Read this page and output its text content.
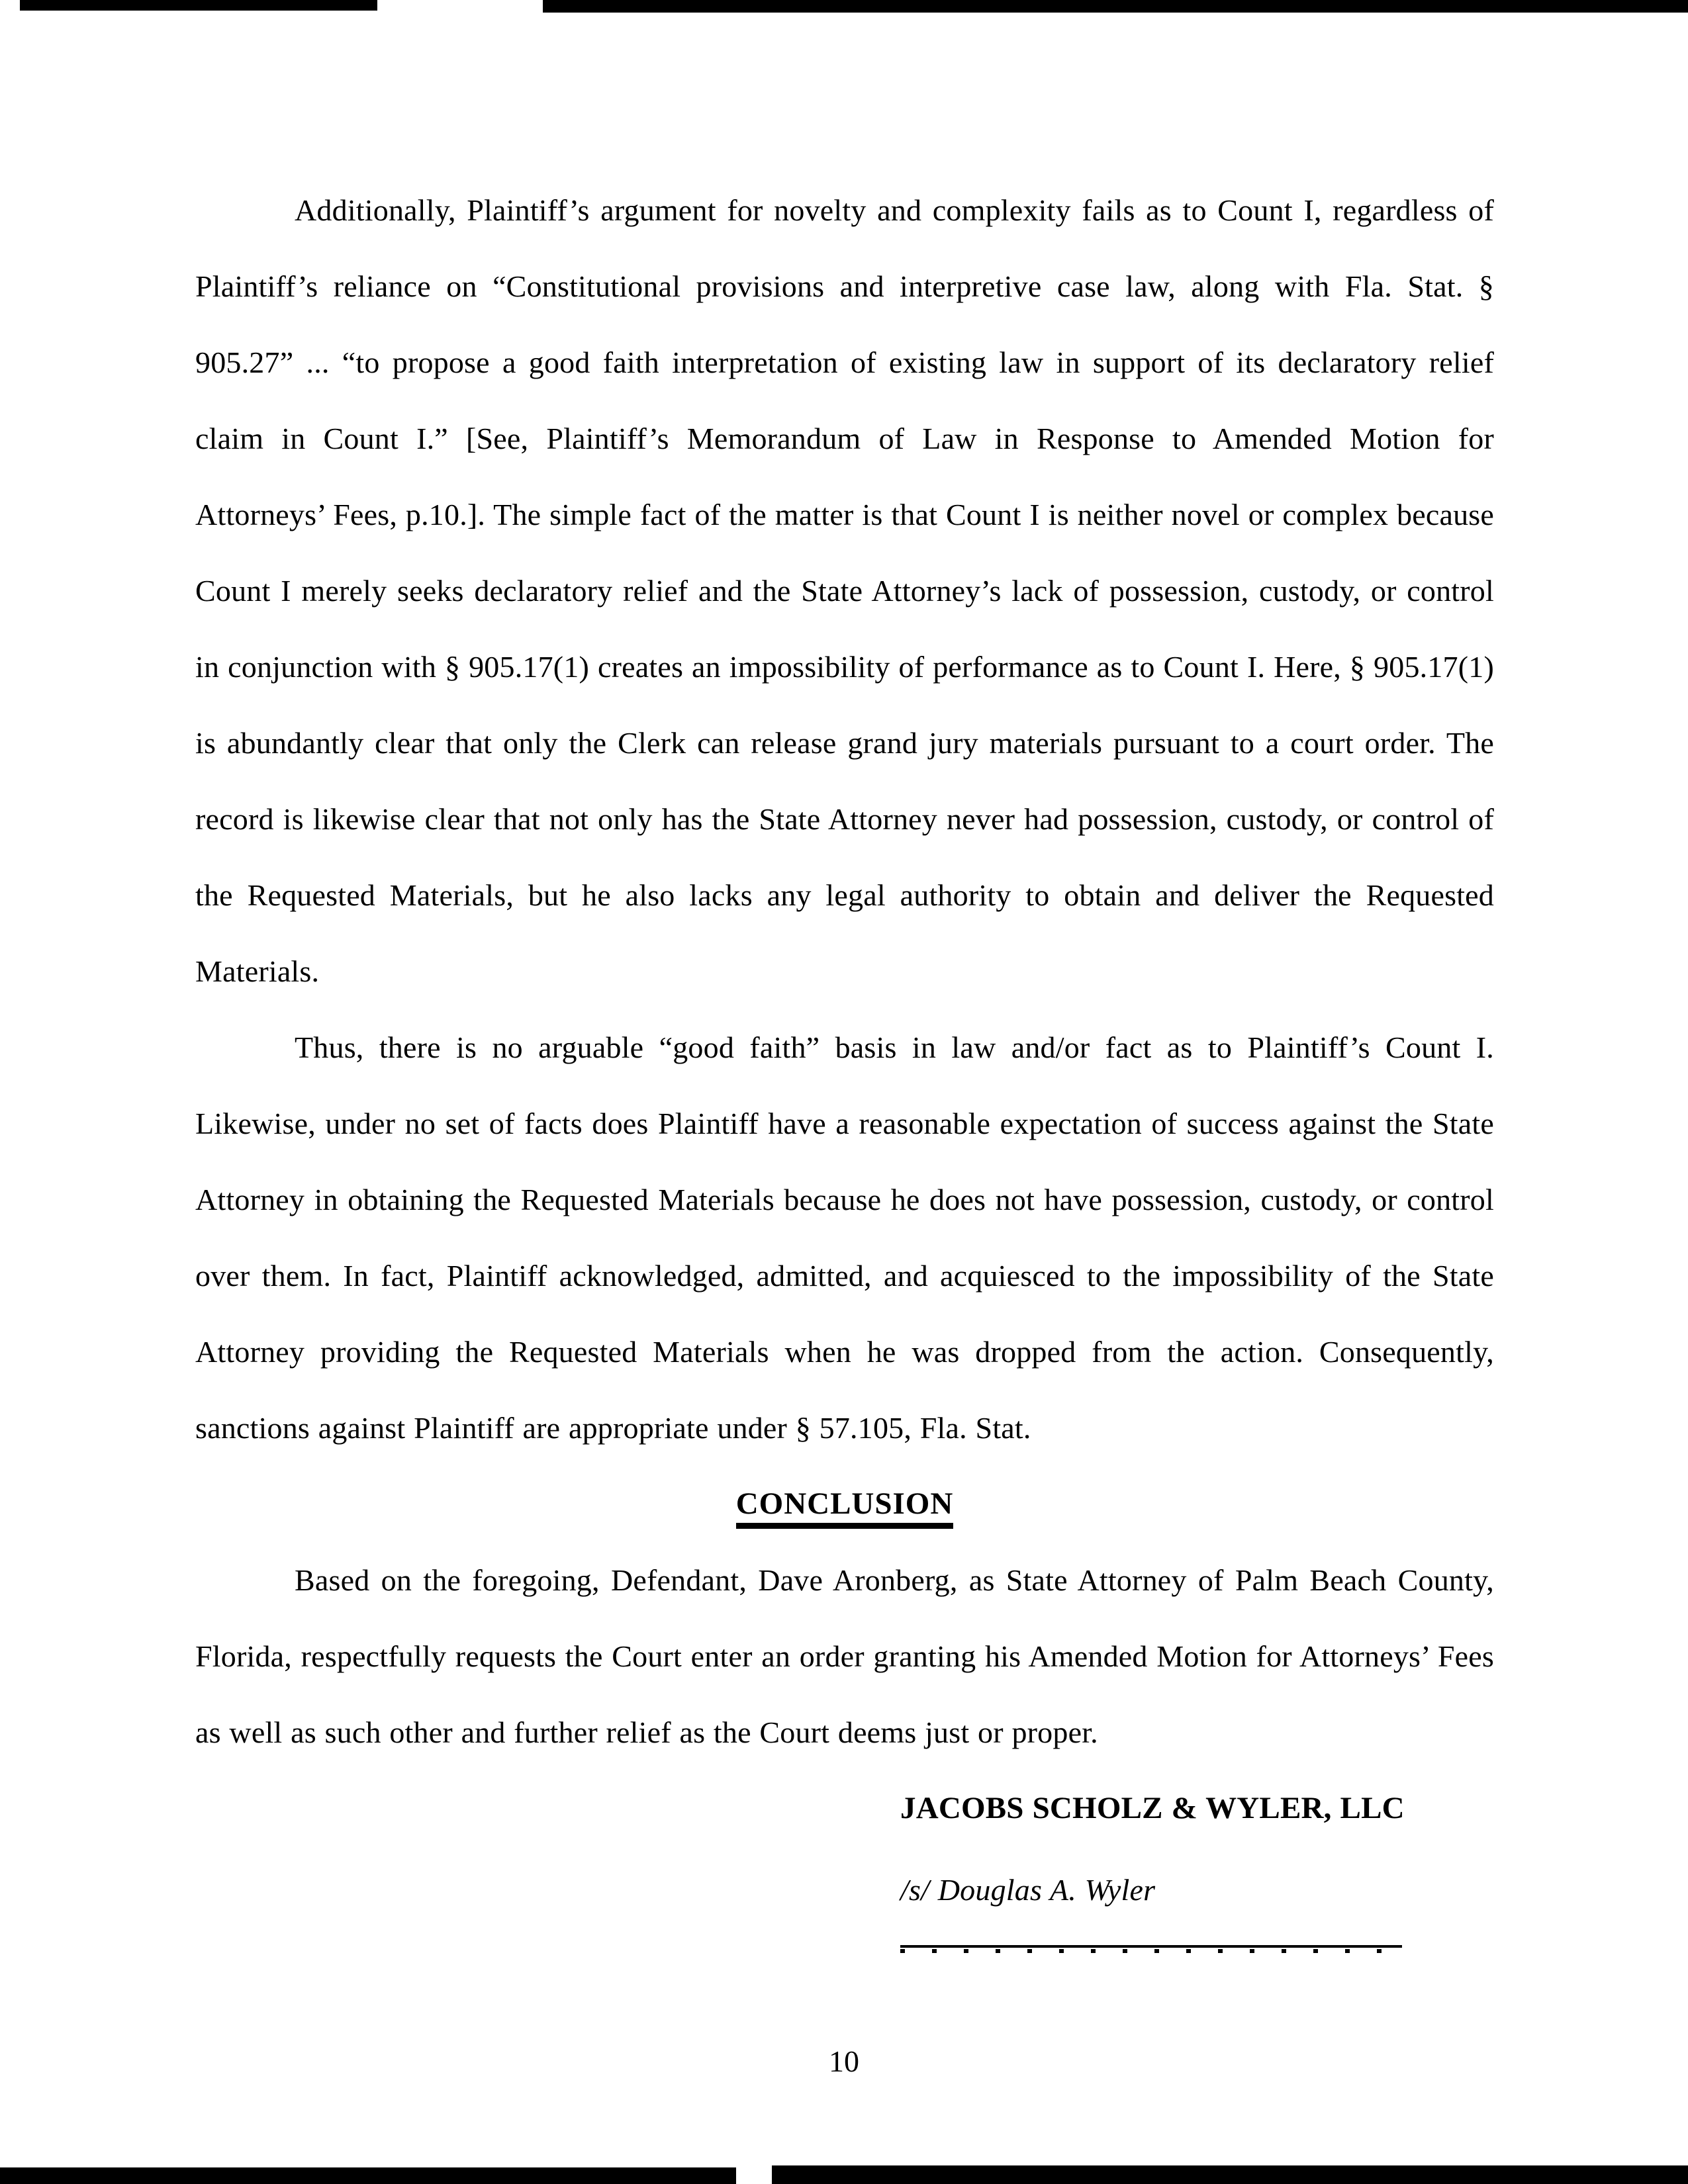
Additionally, Plaintiff’s argument for novelty and complexity fails as to Count I, regardless of Plaintiff’s reliance on “Constitutional provisions and interpretive case law, along with Fla. Stat. § 905.27” ... “to propose a good faith interpretation of existing law in support of its declaratory relief claim in Count I.” [See, Plaintiff’s Memorandum of Law in Response to Amended Motion for Attorneys’ Fees, p.10.]. The simple fact of the matter is that Count I is neither novel or complex because Count I merely seeks declaratory relief and the State Attorney’s lack of possession, custody, or control in conjunction with § 905.17(1) creates an impossibility of performance as to Count I. Here, § 905.17(1) is abundantly clear that only the Clerk can release grand jury materials pursuant to a court order. The record is likewise clear that not only has the State Attorney never had possession, custody, or control of the Requested Materials, but he also lacks any legal authority to obtain and deliver the Requested Materials.

Thus, there is no arguable “good faith” basis in law and/or fact as to Plaintiff’s Count I. Likewise, under no set of facts does Plaintiff have a reasonable expectation of success against the State Attorney in obtaining the Requested Materials because he does not have possession, custody, or control over them. In fact, Plaintiff acknowledged, admitted, and acquiesced to the impossibility of the State Attorney providing the Requested Materials when he was dropped from the action. Consequently, sanctions against Plaintiff are appropriate under § 57.105, Fla. Stat.

CONCLUSION

Based on the foregoing, Defendant, Dave Aronberg, as State Attorney of Palm Beach County, Florida, respectfully requests the Court enter an order granting his Amended Motion for Attorneys’ Fees as well as such other and further relief as the Court deems just or proper.

JACOBS SCHOLZ & WYLER, LLC

/s/ Douglas A. Wyler

10
